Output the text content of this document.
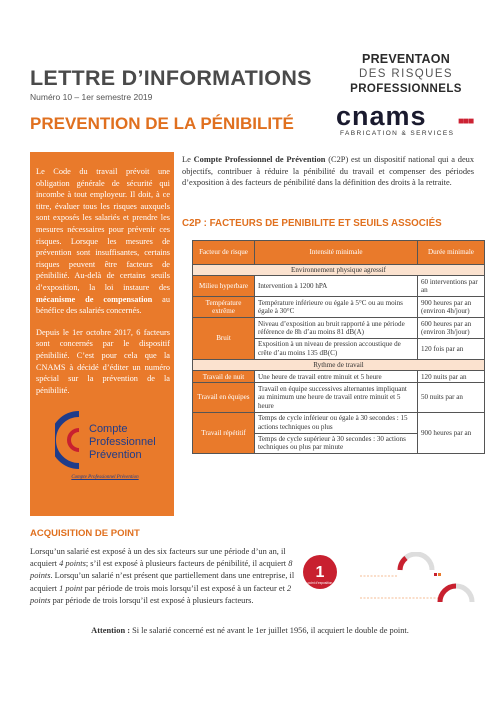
LETTRE D’INFORMATIONS
Numéro 10 – 1er semestre 2019
PREVENTION DE LA PÉNIBILITÉ
PREVENTAON
DES RISQUES
PROFESSIONNELS
cnams	■■■
FABRICATION & SERVICES

Le Code du travail prévoit une obligation générale de sécurité qui incombe à tout employeur. Il doit, à ce titre, évaluer tous les risques auxquels sont exposés les salariés et prendre les mesures nécessaires pour prévenir ces risques. Lorsque les mesures de prévention sont insuffisantes, certains risques peuvent être facteurs de pénibilité. Au-delà de certains seuils d’exposition, la loi instaure des mécanisme de compensation au bénéfice des salariés concernés.

Depuis le 1er octobre 2017, 6 facteurs sont concernés par le dispositif pénibilité. C’est pour cela que la CNAMS à décidé d’éditer un numéro spécial sur la prévention de la pénibilité.

Compte
Professionnel
Prévention
Compte Professionnel Prévention
Le Compte Professionnel de Prévention (C2P) est un dispositif national qui a deux objectifs, contribuer à réduire la pénibilité du travail et compenser des périodes d’exposition à des facteurs de pénibilité dans la définition des droits à la retraite.
C2P : FACTEURS DE PENIBILITE ET SEUILS ASSOCIÉS
Facteur de risque	Intensité minimale	Durée minimale
Environnement physique agressif		
Milieu hyperbare	Intervention à 1200 hPA	60 interventions par an
Température extrême	Température inférieure ou égale à 5°C ou au moins égale à 30°C	900 heures par an (environ 4h/jour)
Bruit	Niveau d’exposition au bruit rapporté à une période référence de 8h d’au moins 81 dB(A)	600 heures par an (environ 3h/jour)
	Exposition à un niveau de pression accoustique de crête d’au moins 135 dB(C)	120 fois par an
Rythme de travail		
Travail de nuit	Une heure de travail entre minuit et 5 heure	120 nuits par an
Travail en équipes	Travail en équipe successives alternantes impliquant au minimum une heure de travail entre minuit et 5 heure	50 nuits par an
Travail répétitif	Temps de cycle inférieur ou égale à 30 secondes : 15 actions techniques ou plus	900 heures par an
	Temps de cycle supérieur à 30 secondes : 30 actions techniques ou plus par minute	
ACQUISITION DE POINT
Lorsqu’un salarié est exposé à un des six facteurs sur une période d’un an, il acquiert 4 points; s’il est exposé à plusieurs facteurs de pénibilité, il acquiert 8 points. Lorsqu’un salarié n’est présent que partiellement dans une entreprise, il acquiert 1 point par période de trois mois lorsqu’il est exposé à un facteur et 2 points par période de trois lorsqu’il est exposé à plusieurs facteurs.
1
point d’exposition
Attention : Si le salarié concerné est né avant le 1er juillet 1956, il acquiert le double de point.
